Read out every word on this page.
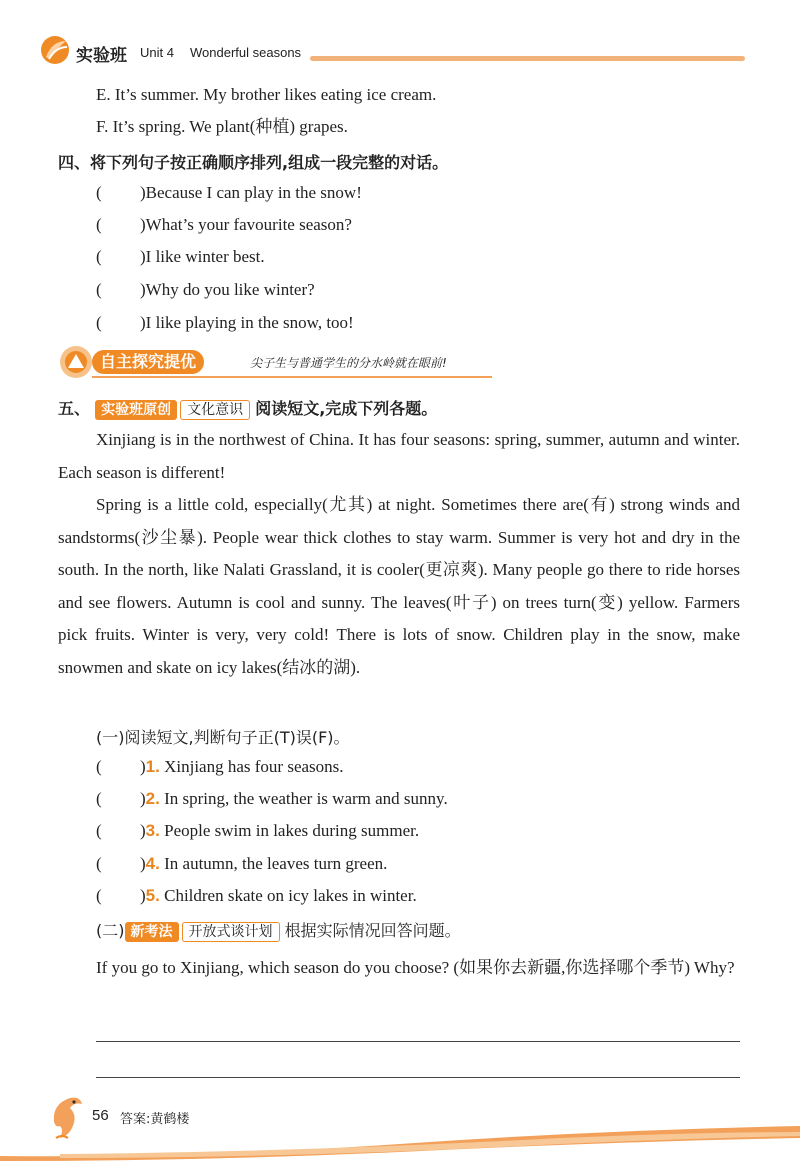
实验班 Unit 4 Wonderful seasons
E. It’s summer. My brother likes eating ice cream.
F. It’s spring. We plant(种植) grapes.
四、将下列句子按正确顺序排列,组成一段完整的对话。
( )Because I can play in the snow!
( )What’s your favourite season?
( )I like winter best.
( )Why do you like winter?
( )I like playing in the snow, too!
自主探究提优	尖子生与普通学生的分水岭就在眼前!
五、 实验班原创 文化意识 阅读短文,完成下列各题。
Xinjiang is in the northwest of China. It has four seasons: spring, summer, autumn and winter. Each season is different!
Spring is a little cold, especially(尤其) at night. Sometimes there are(有) strong winds and sandstorms(沙尘暴). People wear thick clothes to stay warm. Summer is very hot and dry in the south. In the north, like Nalati Grassland, it is cooler(更凉爽). Many people go there to ride horses and see flowers. Autumn is cool and sunny. The leaves(叶子) on trees turn(变) yellow. Farmers pick fruits. Winter is very, very cold! There is lots of snow. Children play in the snow, make snowmen and skate on icy lakes(结冰的湖).
(一)阅读短文,判断句子正(T)误(F)。
( )1. Xinjiang has four seasons.
( )2. In spring, the weather is warm and sunny.
( )3. People swim in lakes during summer.
( )4. In autumn, the leaves turn green.
( )5. Children skate on icy lakes in winter.
(二) 新考法 开放式谈计划 根据实际情况回答问题。
If you go to Xinjiang, which season do you choose? (如果你去新疆,你选择哪个季节) Why?
56 答案:黄鹤楼
